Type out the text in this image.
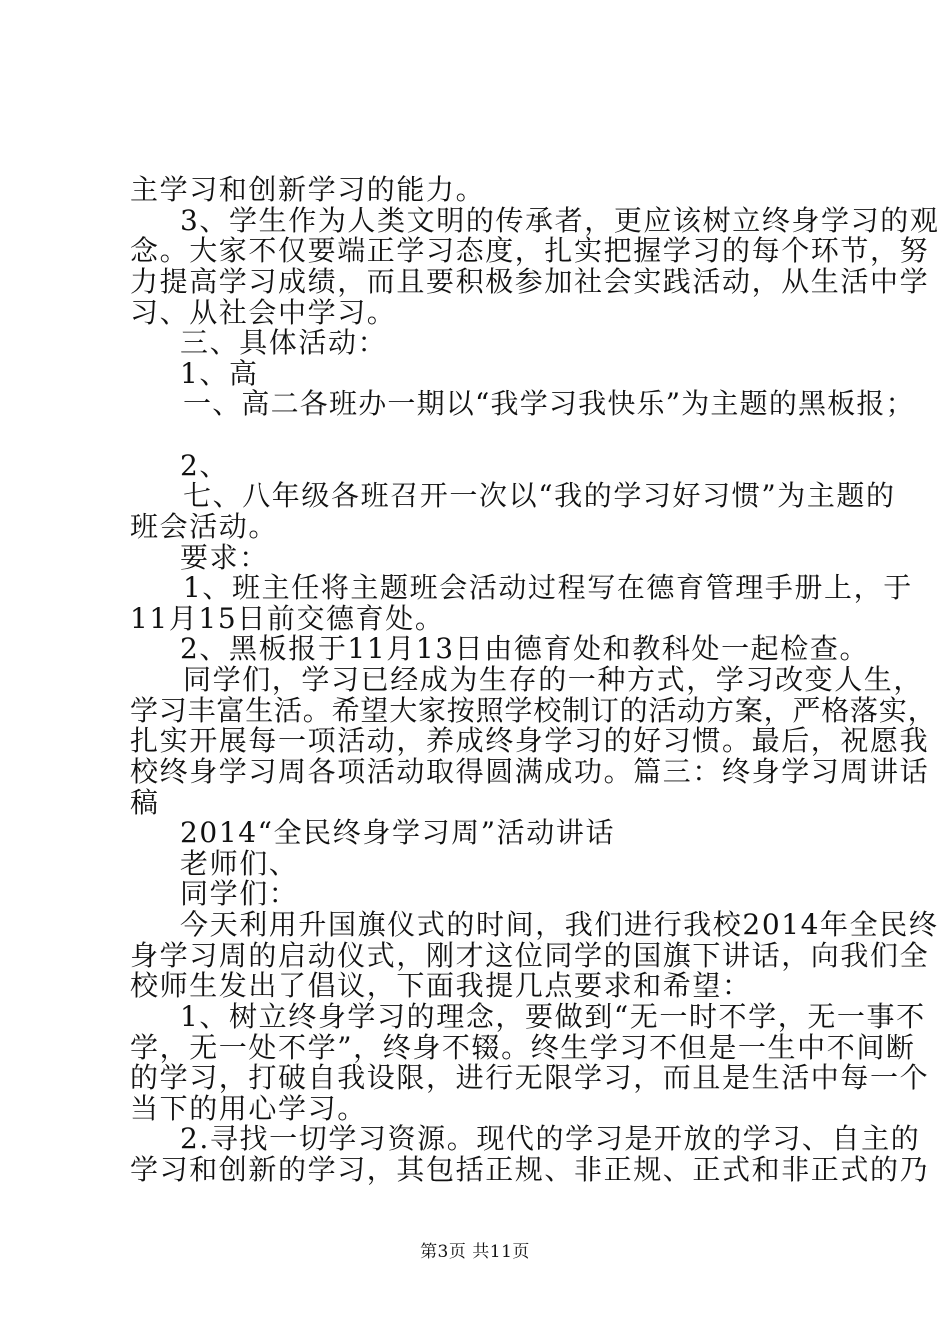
主学习和创新学习的能力。
3、学生作为人类文明的传承者，更应该树立终身学习的观
念。大家不仅要端正学习态度，扎实把握学习的每个环节，努
力提高学习成绩，而且要积极参加社会实践活动，从生活中学
习、从社会中学习。
三、具体活动：
1、高
一、高二各班办一期以“我学习我快乐”为主题的黑板报；
2、
七、八年级各班召开一次以“我的学习好习惯”为主题的
班会活动。
要求：
1、班主任将主题班会活动过程写在德育管理手册上，于
11月15日前交德育处。
2、黑板报于11月13日由德育处和教科处一起检查。
同学们，学习已经成为生存的一种方式，学习改变人生，
学习丰富生活。希望大家按照学校制订的活动方案，严格落实，
扎实开展每一项活动，养成终身学习的好习惯。最后，祝愿我
校终身学习周各项活动取得圆满成功。篇三：终身学习周讲话
稿
2014“全民终身学习周”活动讲话
老师们、
同学们：
今天利用升国旗仪式的时间，我们进行我校2014年全民终
身学习周的启动仪式，刚才这位同学的国旗下讲话，向我们全
校师生发出了倡议，下面我提几点要求和希望：
1、树立终身学习的理念，要做到“无一时不学，无一事不
学，无一处不学”，终身不辍。终生学习不但是一生中不间断
的学习，打破自我设限，进行无限学习，而且是生活中每一个
当下的用心学习。
2.寻找一切学习资源。现代的学习是开放的学习、自主的
学习和创新的学习，其包括正规、非正规、正式和非正式的乃
第3页 共11页
